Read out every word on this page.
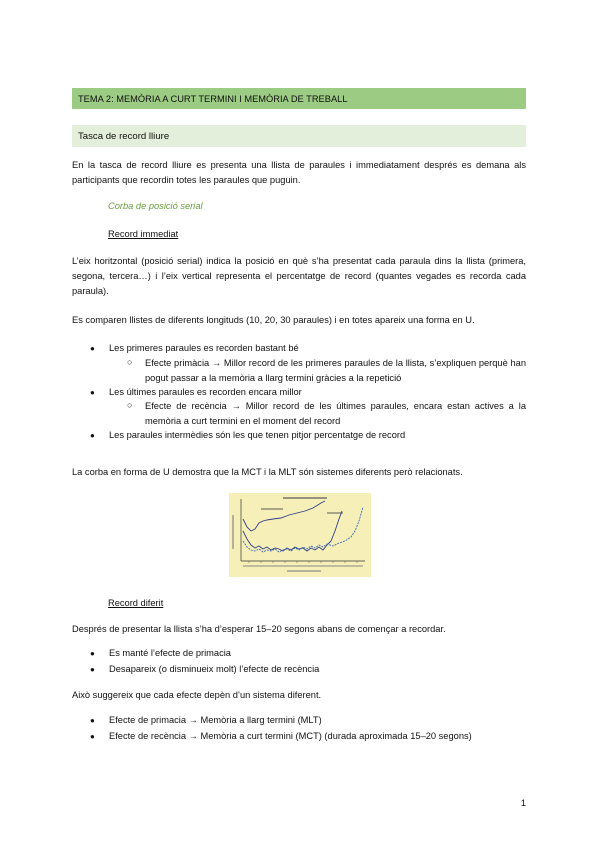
TEMA 2: MEMÒRIA A CURT TERMINI I MEMÒRIA DE TREBALL
Tasca de record lliure

En la tasca de record lliure es presenta una llista de paraules i immediatament després es demana als participants que recordin totes les paraules que puguin.

Corba de posició serial
Record immediat

L’eix horitzontal (posició serial) indica la posició en què s’ha presentat cada paraula dins la llista (primera, segona, tercera…) i l’eix vertical representa el percentatge de record (quantes vegades es recorda cada paraula).

Es comparen llistes de diferents longituds (10, 20, 30 paraules) i en totes apareix una forma en U.

● Les primeres paraules es recorden bastant bé
○ Efecte primàcia → Millor record de les primeres paraules de la llista, s’expliquen perquè han pogut passar a la memòria a llarg termini gràcies a la repetició
● Les últimes paraules es recorden encara millor
○ Efecte de recència → Millor record de les últimes paraules, encara estan actives a la memòria a curt termini en el moment del record
● Les paraules intermèdies són les que tenen pitjor percentatge de record

La corba en forma de U demostra que la MCT i la MLT són sistemes diferents però relacionats.

Record diferit

Després de presentar la llista s’ha d’esperar 15–20 segons abans de començar a recordar.

● Es manté l’efecte de primacia
● Desapareix (o disminueix molt) l’efecte de recència

Això suggereix que cada efecte depèn d’un sistema diferent.

● Efecte de primacia → Memòria a llarg termini (MLT)
● Efecte de recència → Memòria a curt termini (MCT) (durada aproximada 15–20 segons)
1
